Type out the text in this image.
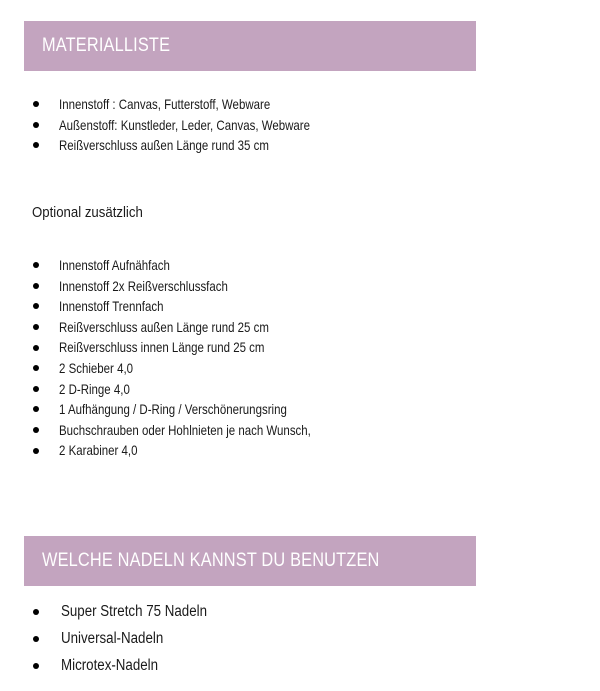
MATERIALLISTE
Innenstoff : Canvas, Futterstoff, Webware
Außenstoff: Kunstleder, Leder, Canvas, Webware
Reißverschluss außen Länge rund 35 cm
Optional zusätzlich
Innenstoff Aufnähfach
Innenstoff 2x Reißverschlussfach
Innenstoff Trennfach
Reißverschluss außen Länge rund 25 cm
Reißverschluss innen Länge rund 25 cm
2 Schieber 4,0
2 D-Ringe 4,0
1 Aufhängung / D-Ring / Verschönerungsring
Buchschrauben oder Hohlnieten je nach Wunsch,
2 Karabiner 4,0
WELCHE NADELN KANNST DU BENUTZEN
Super Stretch 75 Nadeln
Universal-Nadeln
Microtex-Nadeln
